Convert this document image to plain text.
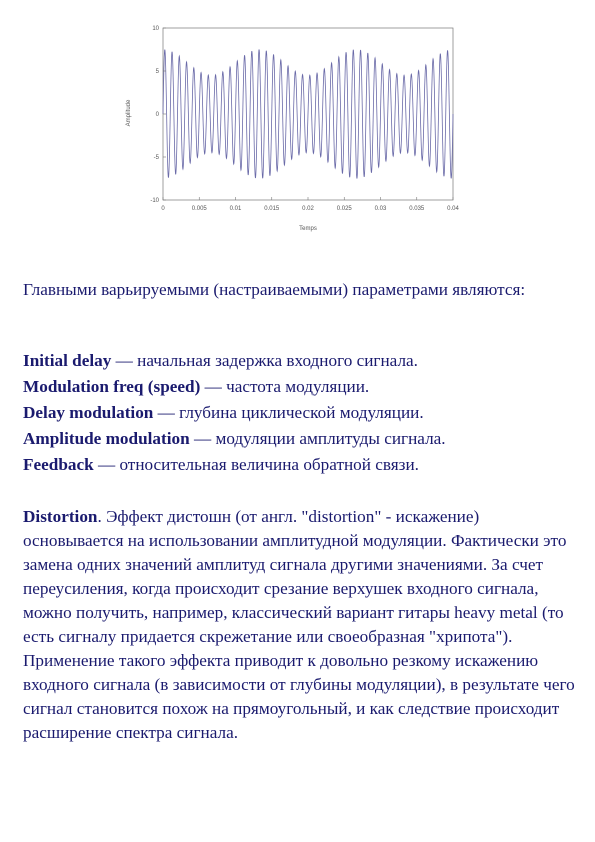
10
5
0
-5
-10
0	0.005	0.01	0.015	0.02	0.025	0.03	0.035	0.04
Amplitude
Temps
Главными варьируемыми (настраиваемыми) параметрами являются:
Initial delay — начальная задержка входного сигнала.
Modulation freq (speed) — частота модуляции.
Delay modulation — глубина циклической модуляции.
Amplitude modulation — модуляции амплитуды сигнала.
Feedback — относительная величина обратной связи.
Distortion. Эффект дистошн (от англ. "distortion" - искажение) основывается на использовании амплитудной модуляции. Фактически это замена одних значений амплитуд сигнала другими значениями. За счет переусиления, когда происходит срезание верхушек входного сигнала, можно получить, например, классический вариант гитары heavy metal (то есть сигналу придается скрежетание или своеобразная "хрипота"). Применение такого эффекта приводит к довольно резкому искажению входного сигнала (в зависимости от глубины модуляции), в результате чего сигнал становится похож на прямоугольный, и как следствие происходит расширение спектра сигнала.
